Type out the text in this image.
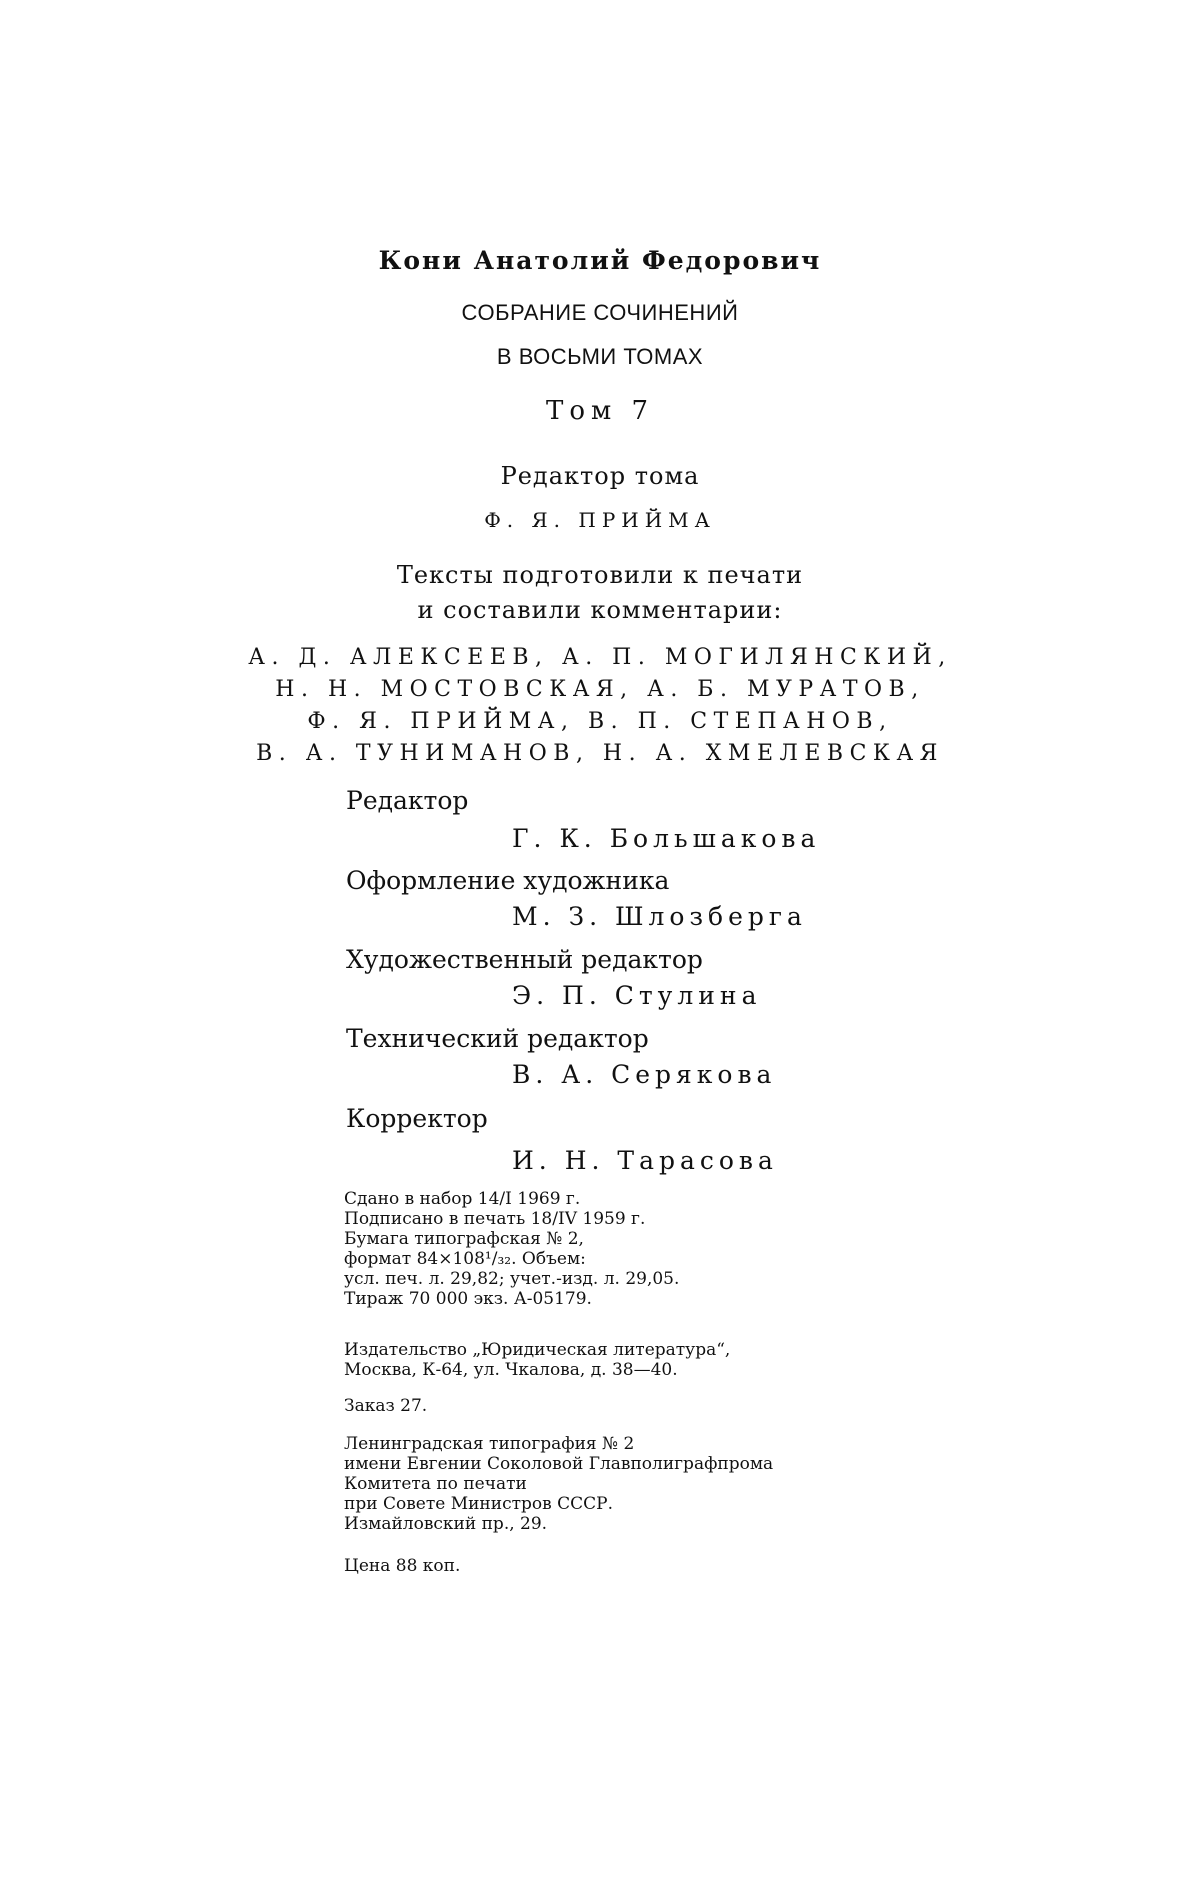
Кони Анатолий Федорович
СОБРАНИЕ СОЧИНЕНИЙ
В ВОСЬМИ ТОМАХ
Том 7
Редактор тома
Ф. Я. ПРИЙМА
Тексты подготовили к печати
и составили комментарии:
А. Д. АЛЕКСЕЕВ, А. П. МОГИЛЯНСКИЙ,
Н. Н. МОСТОВСКАЯ, А. Б. МУРАТОВ,
Ф. Я. ПРИЙМА, В. П. СТЕПАНОВ,
В. А. ТУНИМАНОВ, Н. А. ХМЕЛЕВСКАЯ
Редактор
Г. К. Большакова
Оформление художника
М. З. Шлозберга
Художественный редактор
Э. П. Стулина
Технический редактор
В. А. Серякова
Корректор
И. Н. Тарасова
Сдано в набор 14/I 1969 г.
Подписано в печать 18/IV 1959 г.
Бумага типографская № 2,
формат 84×108¹/₃₂. Объем:
усл. печ. л. 29,82; учет.-изд. л. 29,05.
Тираж 70 000 экз. А-05179.
Издательство „Юридическая литература“,
Москва, К-64, ул. Чкалова, д. 38—40.
Заказ 27.
Ленинградская типография № 2
имени Евгении Соколовой Главполиграфпрома
Комитета по печати
при Совете Министров СССР.
Измайловский пр., 29.
Цена 88 коп.
